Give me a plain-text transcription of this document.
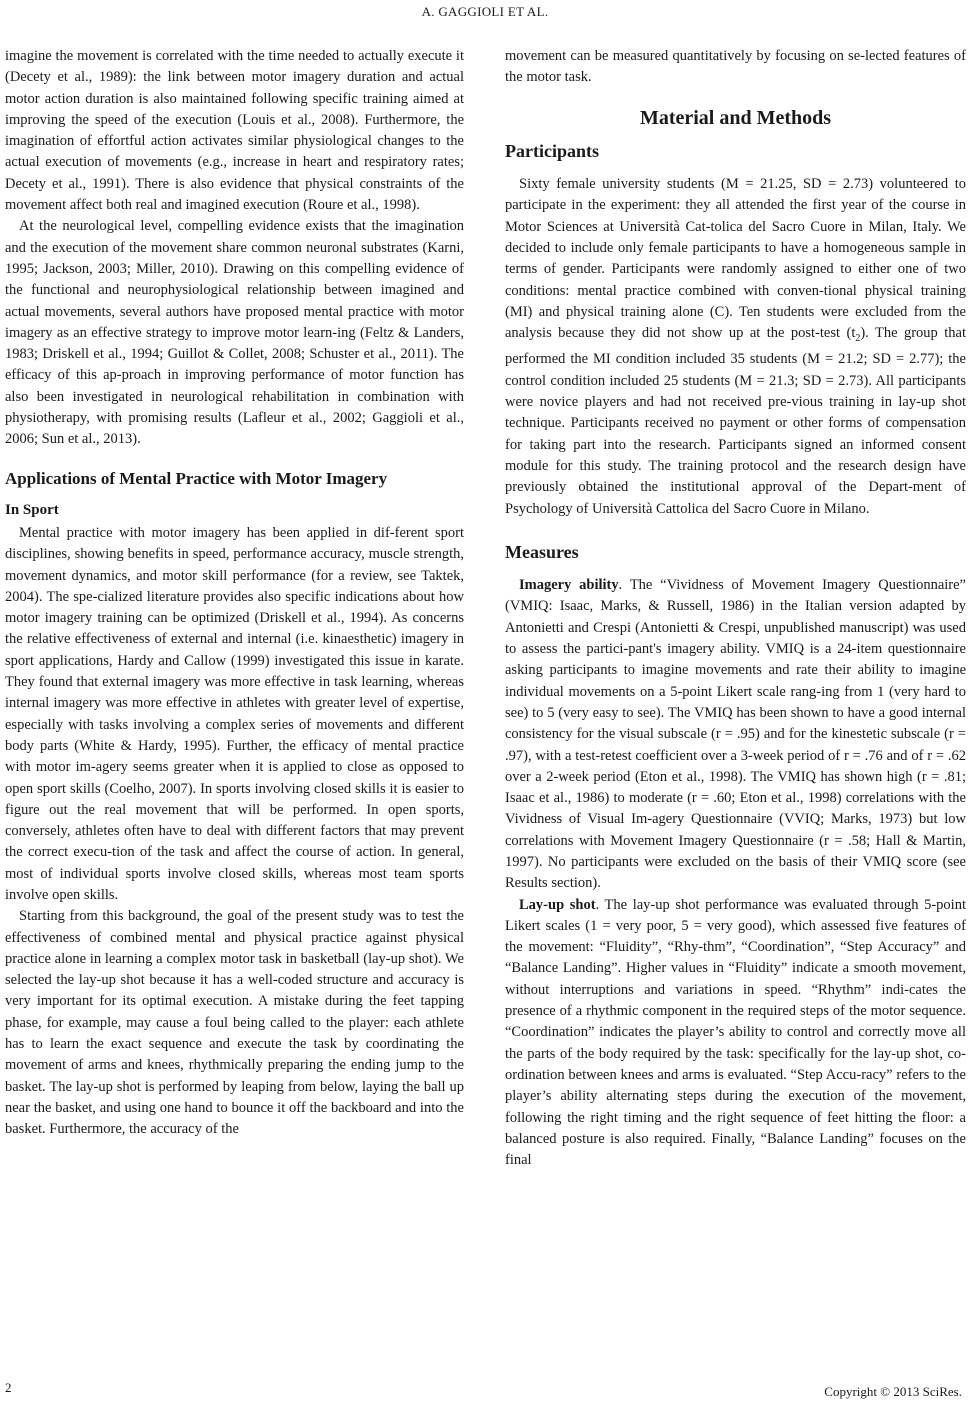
A. GAGGIOLI ET AL.

imagine the movement is correlated with the time needed to actually execute it (Decety et al., 1989): the link between motor imagery duration and actual motor action duration is also maintained following specific training aimed at improving the speed of the execution (Louis et al., 2008). Furthermore, the imagination of effortful action activates similar physiological changes to the actual execution of movements (e.g., increase in heart and respiratory rates; Decety et al., 1991). There is also evidence that physical constraints of the movement affect both real and imagined execution (Roure et al., 1998).

At the neurological level, compelling evidence exists that the imagination and the execution of the movement share common neuronal substrates (Karni, 1995; Jackson, 2003; Miller, 2010). Drawing on this compelling evidence of the functional and neurophysiological relationship between imagined and actual movements, several authors have proposed mental practice with motor imagery as an effective strategy to improve motor learn-ing (Feltz & Landers, 1983; Driskell et al., 1994; Guillot & Collet, 2008; Schuster et al., 2011). The efficacy of this ap-proach in improving performance of motor function has also been investigated in neurological rehabilitation in combination with physiotherapy, with promising results (Lafleur et al., 2002; Gaggioli et al., 2006; Sun et al., 2013).

Applications of Mental Practice with Motor Imagery
In Sport

Mental practice with motor imagery has been applied in dif-ferent sport disciplines, showing benefits in speed, performance accuracy, muscle strength, movement dynamics, and motor skill performance (for a review, see Taktek, 2004). The spe-cialized literature provides also specific indications about how motor imagery training can be optimized (Driskell et al., 1994). As concerns the relative effectiveness of external and internal (i.e. kinaesthetic) imagery in sport applications, Hardy and Callow (1999) investigated this issue in karate. They found that external imagery was more effective in task learning, whereas internal imagery was more effective in athletes with greater level of expertise, especially with tasks involving a complex series of movements and different body parts (White & Hardy, 1995). Further, the efficacy of mental practice with motor im-agery seems greater when it is applied to close as opposed to open sport skills (Coelho, 2007). In sports involving closed skills it is easier to figure out the real movement that will be performed. In open sports, conversely, athletes often have to deal with different factors that may prevent the correct execu-tion of the task and affect the course of action. In general, most of individual sports involve closed skills, whereas most team sports involve open skills.

Starting from this background, the goal of the present study was to test the effectiveness of combined mental and physical practice against physical practice alone in learning a complex motor task in basketball (lay-up shot). We selected the lay-up shot because it has a well-coded structure and accuracy is very important for its optimal execution. A mistake during the feet tapping phase, for example, may cause a foul being called to the player: each athlete has to learn the exact sequence and execute the task by coordinating the movement of arms and knees, rhythmically preparing the ending jump to the basket. The lay-up shot is performed by leaping from below, laying the ball up near the basket, and using one hand to bounce it off the backboard and into the basket. Furthermore, the accuracy of the

movement can be measured quantitatively by focusing on se-lected features of the motor task.

Material and Methods
Participants

Sixty female university students (M = 21.25, SD = 2.73) volunteered to participate in the experiment: they all attended the first year of the course in Motor Sciences at Università Cat-tolica del Sacro Cuore in Milan, Italy. We decided to include only female participants to have a homogeneous sample in terms of gender. Participants were randomly assigned to either one of two conditions: mental practice combined with conven-tional physical training (MI) and physical training alone (C). Ten students were excluded from the analysis because they did not show up at the post-test $(t_2)$. The group that performed the MI condition included 35 students (M = 21.2; SD = 2.77); the control condition included 25 students (M = 21.3; SD = 2.73). All participants were novice players and had not received pre-vious training in lay-up shot technique. Participants received no payment or other forms of compensation for taking part into the research. Participants signed an informed consent module for this study. The training protocol and the research design have previously obtained the institutional approval of the Depart-ment of Psychology of Università Cattolica del Sacro Cuore in Milano.

Measures

Imagery ability. The “Vividness of Movement Imagery Questionnaire” (VMIQ: Isaac, Marks, & Russell, 1986) in the Italian version adapted by Antonietti and Crespi (Antonietti & Crespi, unpublished manuscript) was used to assess the partici-pant's imagery ability. VMIQ is a 24-item questionnaire asking participants to imagine movements and rate their ability to imagine individual movements on a 5-point Likert scale rang-ing from 1 (very hard to see) to 5 (very easy to see). The VMIQ has been shown to have a good internal consistency for the visual subscale (r = .95) and for the kinestetic subscale (r = .97), with a test-retest coefficient over a 3-week period of r = .76 and of r = .62 over a 2-week period (Eton et al., 1998). The VMIQ has shown high (r = .81; Isaac et al., 1986) to moderate (r = .60; Eton et al., 1998) correlations with the Vividness of Visual Im-agery Questionnaire (VVIQ; Marks, 1973) but low correlations with Movement Imagery Questionnaire (r = .58; Hall & Martin, 1997). No participants were excluded on the basis of their VMIQ score (see Results section).

Lay-up shot. The lay-up shot performance was evaluated through 5-point Likert scales (1 = very poor, 5 = very good), which assessed five features of the movement: “Fluidity”, “Rhy-thm”, “Coordination”, “Step Accuracy” and “Balance Landing”. Higher values in “Fluidity” indicate a smooth movement, without interruptions and variations in speed. “Rhythm” indi-cates the presence of a rhythmic component in the required steps of the motor sequence. “Coordination” indicates the player’s ability to control and correctly move all the parts of the body required by the task: specifically for the lay-up shot, co-ordination between knees and arms is evaluated. “Step Accu-racy” refers to the player’s ability alternating steps during the execution of the movement, following the right timing and the right sequence of feet hitting the floor: a balanced posture is also required. Finally, “Balance Landing” focuses on the final

2	Copyright © 2013 SciRes.
